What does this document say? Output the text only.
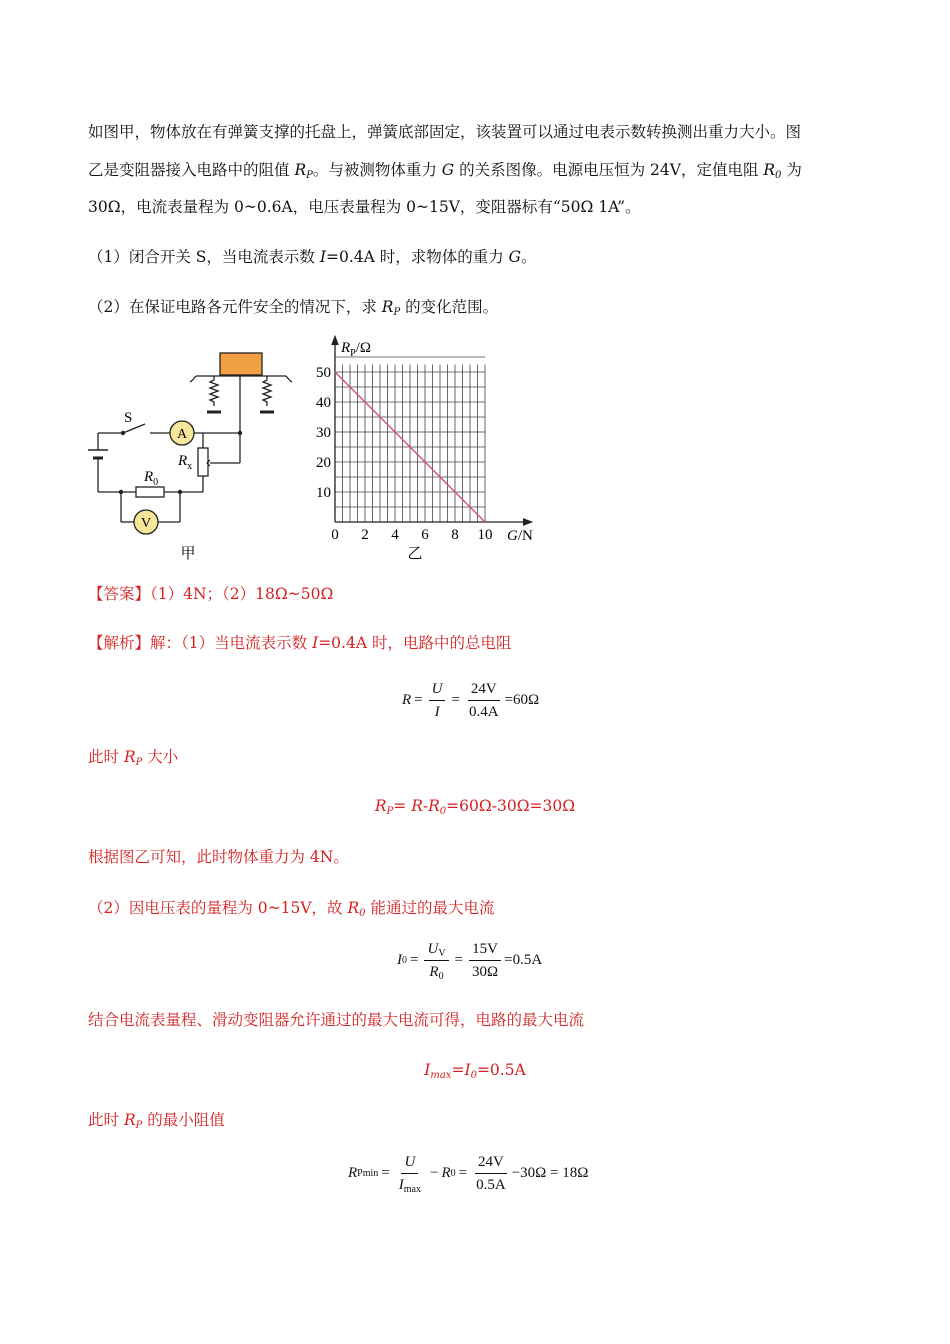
如图甲，物体放在有弹簧支撑的托盘上，弹簧底部固定，该装置可以通过电表示数转换测出重力大小。图
乙是变阻器接入电路中的阻值 $R_P$。与被测物体重力 G 的关系图像。电源电压恒为 24V，定值电阻 $R_0$ 为
30Ω，电流表量程为 0~0.6A，电压表量程为 0~15V，变阻器标有“50Ω 1A”。
（1）闭合开关 S，当电流表示数 I=0.4A 时，求物体的重力 G。
（2）在保证电路各元件安全的情况下，求 $R_P$ 的变化范围。
A
V
S
$R_x$
$R_0$
甲
0 2 4 6 8 10
10
20
30
40
50
$R_P/\Omega$
G/N
乙
【答案】（1）4N；（2）18Ω~50Ω
【解析】解：（1）当电流表示数 I=0.4A 时，电路中的总电阻
$R = \frac{U}{I} = \frac{24V}{0.4A} =60\Omega$
此时 $R_P$ 大小
$R_P= R-R_0=60\Omega-30\Omega=30\Omega$
根据图乙可知，此时物体重力为 4N。
（2）因电压表的量程为 0~15V，故 $R_0$ 能通过的最大电流
I $0 = \frac{U_V}{R_0} = \frac{15V}{30\Omega} =0.5A$
结合电流表量程、滑动变阻器允许通过的最大电流可得，电路的最大电流
$I_{max}=I_0=0.5A$
此时 $R_P$ 的最小阻值
R $Pmin = \frac{U}{I_{max}} - R$ $0 = \frac{24V}{0.5A} -30\Omega = 18\Omega$
